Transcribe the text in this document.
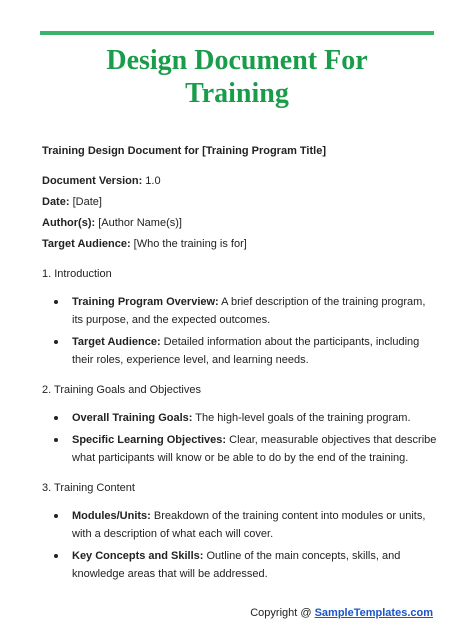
Design Document For
Training

Training Design Document for [Training Program Title]

Document Version: 1.0
Date: [Date]
Author(s): [Author Name(s)]
Target Audience: [Who the training is for]
1. Introduction
Training Program Overview: A brief description of the training program, its purpose, and the expected outcomes.
Target Audience: Detailed information about the participants, including their roles, experience level, and learning needs.
2. Training Goals and Objectives
Overall Training Goals: The high-level goals of the training program.
Specific Learning Objectives: Clear, measurable objectives that describe what participants will know or be able to do by the end of the training.
3. Training Content
Modules/Units: Breakdown of the training content into modules or units, with a description of what each will cover.
Key Concepts and Skills: Outline of the main concepts, skills, and knowledge areas that will be addressed.
Copyright @ SampleTemplates.com
